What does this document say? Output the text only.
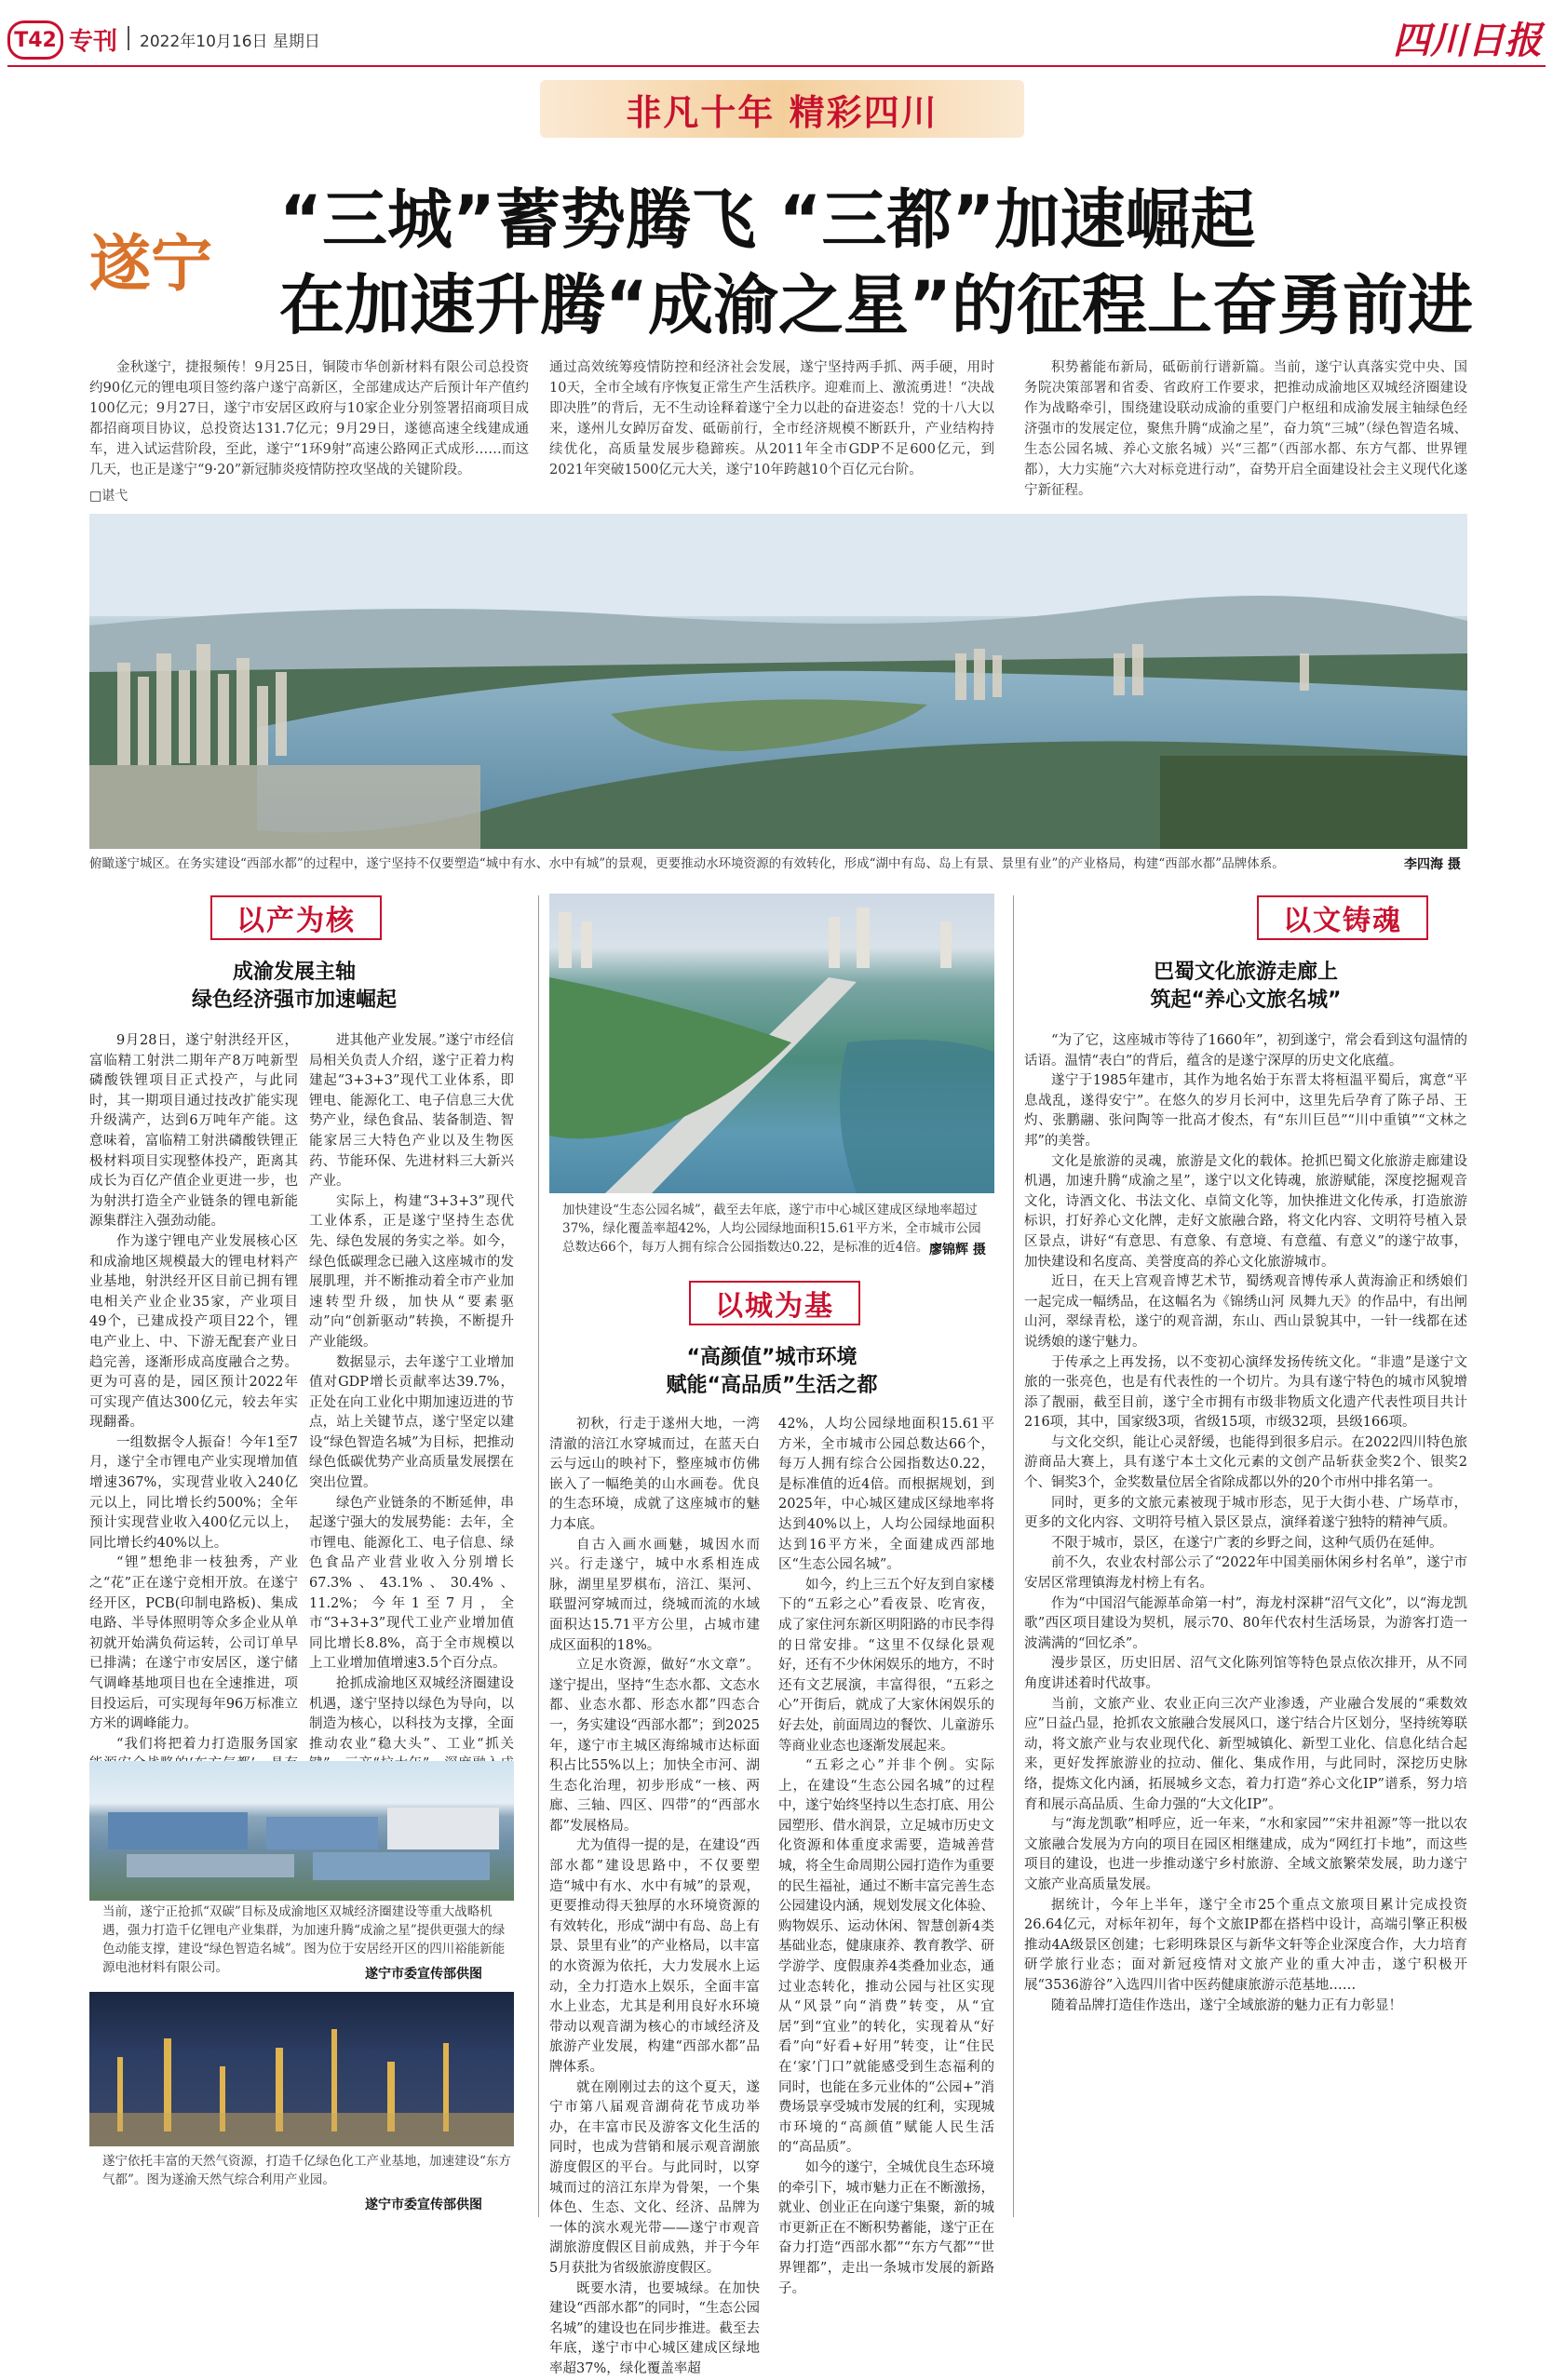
T42 专刊 2022年10月16日 星期日	四川日报
非凡十年 精彩四川
遂宁
“三城”蓄势腾飞 “三都”加速崛起
在加速升腾“成渝之星”的征程上奋勇前进
金秋遂宁，捷报频传！9月25日，铜陵市华创新材料有限公司总投资约90亿元的锂电项目签约落户遂宁高新区，全部建成达产后预计年产值约100亿元；9月27日，遂宁市安居区政府与10家企业分别签署招商项目成都招商项目协议，总投资达131.7亿元；9月29日，遂德高速全线建成通车，进入试运营阶段，至此，遂宁“1环9射”高速公路网正式成形……而这几天，也正是遂宁“9·20”新冠肺炎疫情防控攻坚战的关键阶段。
通过高效统筹疫情防控和经济社会发展，遂宁坚持两手抓、两手硬，用时10天，全市全域有序恢复正常生产生活秩序。迎难而上、激流勇进！“决战即决胜”的背后，无不生动诠释着遂宁全力以赴的奋进姿态！党的十八大以来，遂州儿女踔厉奋发、砥砺前行，全市经济规模不断跃升，产业结构持续优化，高质量发展步稳蹄疾。从2011年全市GDP不足600亿元，到2021年突破1500亿元大关，遂宁10年跨越10个百亿元台阶。
积势蓄能布新局，砥砺前行谱新篇。当前，遂宁认真落实党中央、国务院决策部署和省委、省政府工作要求，把推动成渝地区双城经济圈建设作为战略牵引，围绕建设联动成渝的重要门户枢纽和成渝发展主轴绿色经济强市的发展定位，聚焦升腾“成渝之星”，奋力筑“三城”（绿色智造名城、生态公园名城、养心文旅名城）兴“三都”（西部水都、东方气都、世界锂都），大力实施“六大对标竞进行动”，奋势开启全面建设社会主义现代化遂宁新征程。
□谌弋
俯瞰遂宁城区。在务实建设“西部水都”的过程中，遂宁坚持不仅要塑造“城中有水、水中有城”的景观，更要推动水环境资源的有效转化，形成“湖中有岛、岛上有景、景里有业”的产业格局，构建“西部水都”品牌体系。	李四海 摄
以产为核
成渝发展主轴
绿色经济强市加速崛起

9月28日，遂宁射洪经开区，富临精工射洪二期年产8万吨新型磷酸铁锂项目正式投产，与此同时，其一期项目通过技改扩能实现升级满产，达到6万吨年产能。这意味着，富临精工射洪磷酸铁锂正极材料项目实现整体投产，距离其成长为百亿产值企业更进一步，也为射洪打造全产业链条的锂电新能源集群注入强劲动能。

作为遂宁锂电产业发展核心区和成渝地区规模最大的锂电材料产业基地，射洪经开区目前已拥有锂电相关产业企业35家，产业项目49个，已建成投产项目22个，锂电产业上、中、下游无配套产业日趋完善，逐渐形成高度融合之势。更为可喜的是，园区预计2022年可实现产值达300亿元，较去年实现翻番。

一组数据令人振奋！今年1至7月，遂宁全市锂电产业实现增加值增速367%，实现营业收入240亿元以上，同比增长约500%；全年预计实现营业收入400亿元以上，同比增长约40%以上。

“锂”想绝非一枝独秀，产业之“花”正在遂宁竞相开放。在遂宁经开区，PCB(印制电路板)、集成电路、半导体照明等众多企业从单初就开始满负荷运转，公司订单早已排满；在遂宁市安居区，遂宁储气调峰基地项目也在全速推进，项目投运后，可实现每年96万标准立方米的调峰能力。

“我们将把着力打造服务国家

进其他产业发展。”遂宁市经信局相关负责人介绍，遂宁正着力构建起“3+3+3”现代工业体系，即锂电、能源化工、电子信息三大优势产业，绿色食品、装备制造、智能家居三大特色产业以及生物医药、节能环保、先进材料三大新兴产业。

实际上，构建“3+3+3”现代工业体系，正是遂宁坚持生态优先、绿色发展的务实之举。如今，绿色低碳理念已融入这座城市的发展肌理，并不断推动着全市产业加速转型升级，加快从“要素驱动”向“创新驱动”转换，不断提升产业能级。

数据显示，去年遂宁工业增加值对GDP增长贡献率达39.7%，正处在向工业化中期加速迈进的节点，站上关键节点，遂宁坚定以建设“绿色智造名城”为目标，把推动绿色低碳优势产业高质量发展摆在突出位置。

绿色产业链条的不断延伸，串起遂宁强大的发展势能：去年，全市锂电、能源化工、电子信息、绿色食品产业营业收入分别增长67.3%、43.1%、30.4%、11.2%；今年1至7月，全市“3+3+3”现代工业产业增加值同比增长8.8%，高于全市规模以上工业增加值增速3.5个百分点。

抢抓成渝地区双城经济圈建设机遇，遂宁坚持以绿色为导向，以制造为核心，以科技为支撑，全面推动农业“稳大头”、工业“抓关

当前，遂宁正抢抓“双碳”目标及成渝地区双城经济圈建设等重大战略机遇，强力打造千亿锂电产业集群，为加速升腾“成渝之星”提供更强大的绿色动能支撑，建设“绿色智造名城”。图为位于安居经开区的四川裕能新能源电池材料有限公司。	遂宁市委宣传部供图
遂宁依托丰富的天然气资源，打造千亿绿色化工产业基地，加速建设“东方气都”。图为遂渝天然气综合利用产业园。
遂宁市委宣传部供图
加快建设“生态公园名城”，截至去年底，遂宁市中心城区建成区绿地率超过37%，绿化覆盖率超42%，人均公园绿地面积15.61平方米，全市城市公园总数达66个，每万人拥有综合公园指数达0.22，是标准的近4倍。 廖锦辉 摄
以城为基
“高颜值”城市环境
赋能“高品质”生活之都

初秋，行走于遂州大地，一湾清澈的涪江水穿城而过，在蓝天白云与远山的映衬下，整座城市仿佛嵌入了一幅绝美的山水画卷。优良的生态环境，成就了这座城市的魅力本底。

自古入画水画魅，城因水而兴。行走遂宁，城中水系相连成脉，湖里星罗棋布，涪江、渠河、联盟河穿城而过，绕城而流的水域面积达15.71平方公里，占城市建成区面积的18%。

立足水资源，做好“水文章”。遂宁提出，坚持“生态水都、文态水都、业态水都、形态水都”四态合一，务实建设“西部水都”；到2025年，遂宁市主城区海绵城市达标面积占比55%以上；加快全市河、湖生态化治理，初步形成“一核、两廊、三轴、四区、四带”的“西部水都”发展格局。

尤为值得一提的是，在建设“西部水都”建设思路中，不仅要塑造“城中有水、水中有城”的景观，更要推动得天独厚的水环境资源的有效转化，形成“湖中有岛、岛上有景、景里有业”的产业格局，以丰富的水资源为依托，大力发展水上运动，全力打造水上娱乐，全面丰富水上业态，尤其是利用良好水环境带动以观音湖为核心的市域经济及旅游产业发展，构建“西部水都”品牌体系。

就在刚刚过去的这个夏天，遂宁市第八届观音湖荷花节成功举办，在丰富市民及游客文化生活的同时，也成为营销和展示观音湖旅游度假区的平台。与此同时，以穿城而过的涪江东岸为骨架，一个集体色、生态、文化、经济、品牌为一体的滨水观光带——遂宁市观音湖旅游度假区目前成熟，并于今年5月获批为省级旅游度假区。

既要水清，也要城绿。在加快建设“西部水都”的同时，“生态公园名城”的建设也在同步推进。截至去年底，遂宁市中心城区建成区绿地率超37%，绿化覆盖率超

42%，人均公园绿地面积15.61平方米，全市城市公园总数达66个，每万人拥有综合公园指数达0.22，是标准值的近4倍。而根据规划，到2025年，中心城区建成区绿地率将达到40%以上，人均公园绿地面积达到16平方米，全面建成西部地区“生态公园名城”。

如今，约上三五个好友到自家楼下的“五彩之心”看夜景、吃宵夜，成了家住河东新区明阳路的市民李得的日常安排。“这里不仅绿化景观好，还有不少休闲娱乐的地方，不时还有文艺展演，丰富得很，“五彩之心”开街后，就成了大家休闲娱乐的好去处，前面周边的餐饮、儿童游乐等商业业态也逐渐发展起来。

“五彩之心”并非个例。实际上，在建设“生态公园名城”的过程中，遂宁始终坚持以生态打底、用公园塑形、借水润景，立足城市历史文化资源和体重度求需要，造城善营城，将全生命周期公园打造作为重要的民生福祉，通过不断丰富完善生态公园建设内涵，规划发展文化体验、购物娱乐、运动休闲、智慧创新4类基础业态，健康康养、教育教学、研学游学、度假康养4类叠加业态，通过业态转化，推动公园与社区实现从“风景”向“消费”转变，从“宜居”到“宜业”的转化，实现着从“好看”向“好看+好用”转变，让“住民在‘家’门口”就能感受到生态福利的同时，也能在多元业体的“公园+”消费场景享受城市发展的红利，实现城市环境的“高颜值”赋能人民生活的“高品质”。

如今的遂宁，全城优良生态环境的牵引下，城市魅力正在不断激扬，就业、创业正在向遂宁集聚，新的城市更新正在不断积势蓄能，遂宁正在奋力打造“西部水都”“东方气都”“世界锂都”，走出一条城市发展的新路子。

以文铸魂
巴蜀文化旅游走廊上
筑起“养心文旅名城”

“为了它，这座城市等待了1660年”，初到遂宁，常会看到这句温情的话语。温情“表白”的背后，蕴含的是遂宁深厚的历史文化底蕴。

遂宁于1985年建市，其作为地名始于东晋太将桓温平蜀后，寓意“平息战乱，遂得安宁”。在悠久的岁月长河中，这里先后孕育了陈子昂、王灼、张鹏翮、张问陶等一批高才俊杰，有“东川巨邑”“川中重镇”“文林之邦”的美誉。

文化是旅游的灵魂，旅游是文化的载体。抢抓巴蜀文化旅游走廊建设机遇，加速升腾“成渝之星”，遂宁以文化铸魂，旅游赋能，深度挖掘观音文化，诗酒文化、书法文化、卓简文化等，加快推进文化传承，打造旅游标识，打好养心文化牌，走好文旅融合路，将文化内容、文明符号植入景区景点，讲好“有意思、有意象、有意境、有意蕴、有意义”的遂宁故事，加快建设和名度高、美誉度高的养心文化旅游城市。

近日，在天上宫观音博艺术节，蜀绣观音博传承人黄海渝正和绣娘们一起完成一幅绣品，在这幅名为《锦绣山河 凤舞九天》的作品中，有出闸山河，翠绿青松，遂宁的观音湖，东山、西山景貌其中，一针一线都在述说绣娘的遂宁魅力。

于传承之上再发扬，以不变初心演绎发扬传统文化。“非遗”是遂宁文旅的一张亮色，也是有代表性的一个切片。为具有遂宁特色的城市风貌增添了靓丽，截至目前，遂宁全市拥有市级非物质文化遗产代表性项目共计216项，其中，国家级3项，省级15项，市级32项，县级166项。

与文化交织，能让心灵舒缓，也能得到很多启示。在2022四川特色旅游商品大赛上，具有遂宁本土文化元素的文创产品斩获金奖2个、银奖2个、铜奖3个，金奖数量位居全省除成都以外的20个市州中排名第一。

同时，更多的文旅元素被现于城市形态，见于大街小巷、广场草市，更多的文化内容、文明符号植入景区景点，演绎着遂宁独特的精神气质。

不限于城市，景区，在遂宁广袤的乡野之间，这种气质仍在延伸。

前不久，农业农村部公示了“2022年中国美丽休闲乡村名单”，遂宁市安居区常理镇海龙村榜上有名。

作为“中国沼气能源革命第一村”，海龙村深耕“沼气文化”，以“海龙凯歌”西区项目建设为契机，展示70、80年代农村生活场景，为游客打造一波满满的“回忆杀”。

漫步景区，历史旧居、沼气文化陈列馆等特色景点依次排开，从不同角度讲述着时代故事。

当前，文旅产业、农业正向三次产业渗透，产业融合发展的“乘数效应”日益凸显，抢抓农文旅融合发展风口，遂宁结合片区划分，坚持统筹联动，将文旅产业与农业现代化、新型城镇化、新型工业化、信息化结合起来，更好发挥旅游业的拉动、催化、集成作用，与此同时，深挖历史脉络，提炼文化内涵，拓展城乡文态，着力打造“养心文化IP”谱系，努力培育和展示高品质、生命力强的“大文化IP”。

与“海龙凯歌”相呼应，近一年来，“水和家园”“宋井祖源”等一批以农文旅融合发展为方向的项目在园区相继建成，成为“网红打卡地”，而这些项目的建设，也进一步推动遂宁乡村旅游、全域文旅繁荣发展，助力遂宁文旅产业高质量发展。

据统计，今年上半年，遂宁全市25个重点文旅项目累计完成投资26.64亿元，对标年初年，每个文旅IP都在搭档中设计，高端引擎正积极推动4A级景区创建；七彩明珠景区与新华文轩等企业深度合作，大力培育研学旅行业态；面对新冠疫情对文旅产业的重大冲击，遂宁积极开展“3536游谷”入选四川省中医药健康旅游示范基地……

随着品牌打造佳作迭出，遂宁全域旅游的魅力正有力彰显！
